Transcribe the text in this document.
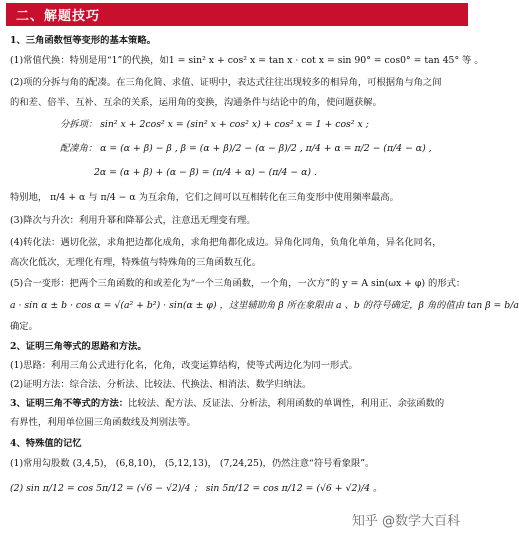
二、解题技巧
1、三角函数恒等变形的基本策略。
(1)常值代换：特别是用“1”的代换，如1 = sin² x + cos² x = tan x · cot x = sin 90° = cos0° = tan 45° 等 。
(2)项的分拆与角的配凑。在三角化简、求值、证明中，表达式往往出现较多的相异角，可根据角与角之间
的和差、倍半、互补、互余的关系，运用角的变换，沟通条件与结论中的角，使问题获解。
分拆项： sin² x + 2cos² x = (sin² x + cos² x) + cos² x = 1 + cos² x ;
配凑角： α = (α + β) − β , β = (α + β)/2 − (α − β)/2 , π/4 + α = π/2 − (π/4 − α) ,
2α = (α + β) + (α − β) = (π/4 + α) − (π/4 − α) .
特别地， π/4 + α 与 π/4 − α 为互余角，它们之间可以互相转化在三角变形中使用频率最高。
(3)降次与升次：利用升幂和降幂公式，注意迅无理变有理。
(4)转化法：遇切化弦，求角把边都化成角，求角把角都化成边。异角化同角，负角化单角，异名化同名，
高次化低次，无理化有理，特殊值与特殊角的三角函数互化。
(5)合一变形：把两个三角函数的和或差化为“一个三角函数，一个角，一次方”的 y = A sin(ωx + φ) 的形式：
a · sin α ± b · cos α = √(a² + b²) · sin(α ± φ) ，这里辅助角 β 所在象限由 a 、b 的符号确定，β 角的值由 tan β = b/a
确定。
2、证明三角等式的思路和方法。
(1)思路：利用三角公式进行化名，化角，改变运算结构，使等式两边化为同一形式。
(2)证明方法：综合法、分析法、比较法、代换法、相消法、数学归纳法。
3、证明三角不等式的方法：比较法、配方法、反证法、分析法，利用函数的单调性，利用正、余弦函数的
有界性，利用单位圆三角函数线及判别法等。
4、特殊值的记忆
(1)常用勾股数 (3,4,5)， (6,8,10)， (5,12,13)， (7,24,25)，仍然注意“符号看象限”。
(2) sin π/12 = cos 5π/12 = (√6 − √2)/4 ； sin 5π/12 = cos π/12 = (√6 + √2)/4 。
知乎 @数学大百科
